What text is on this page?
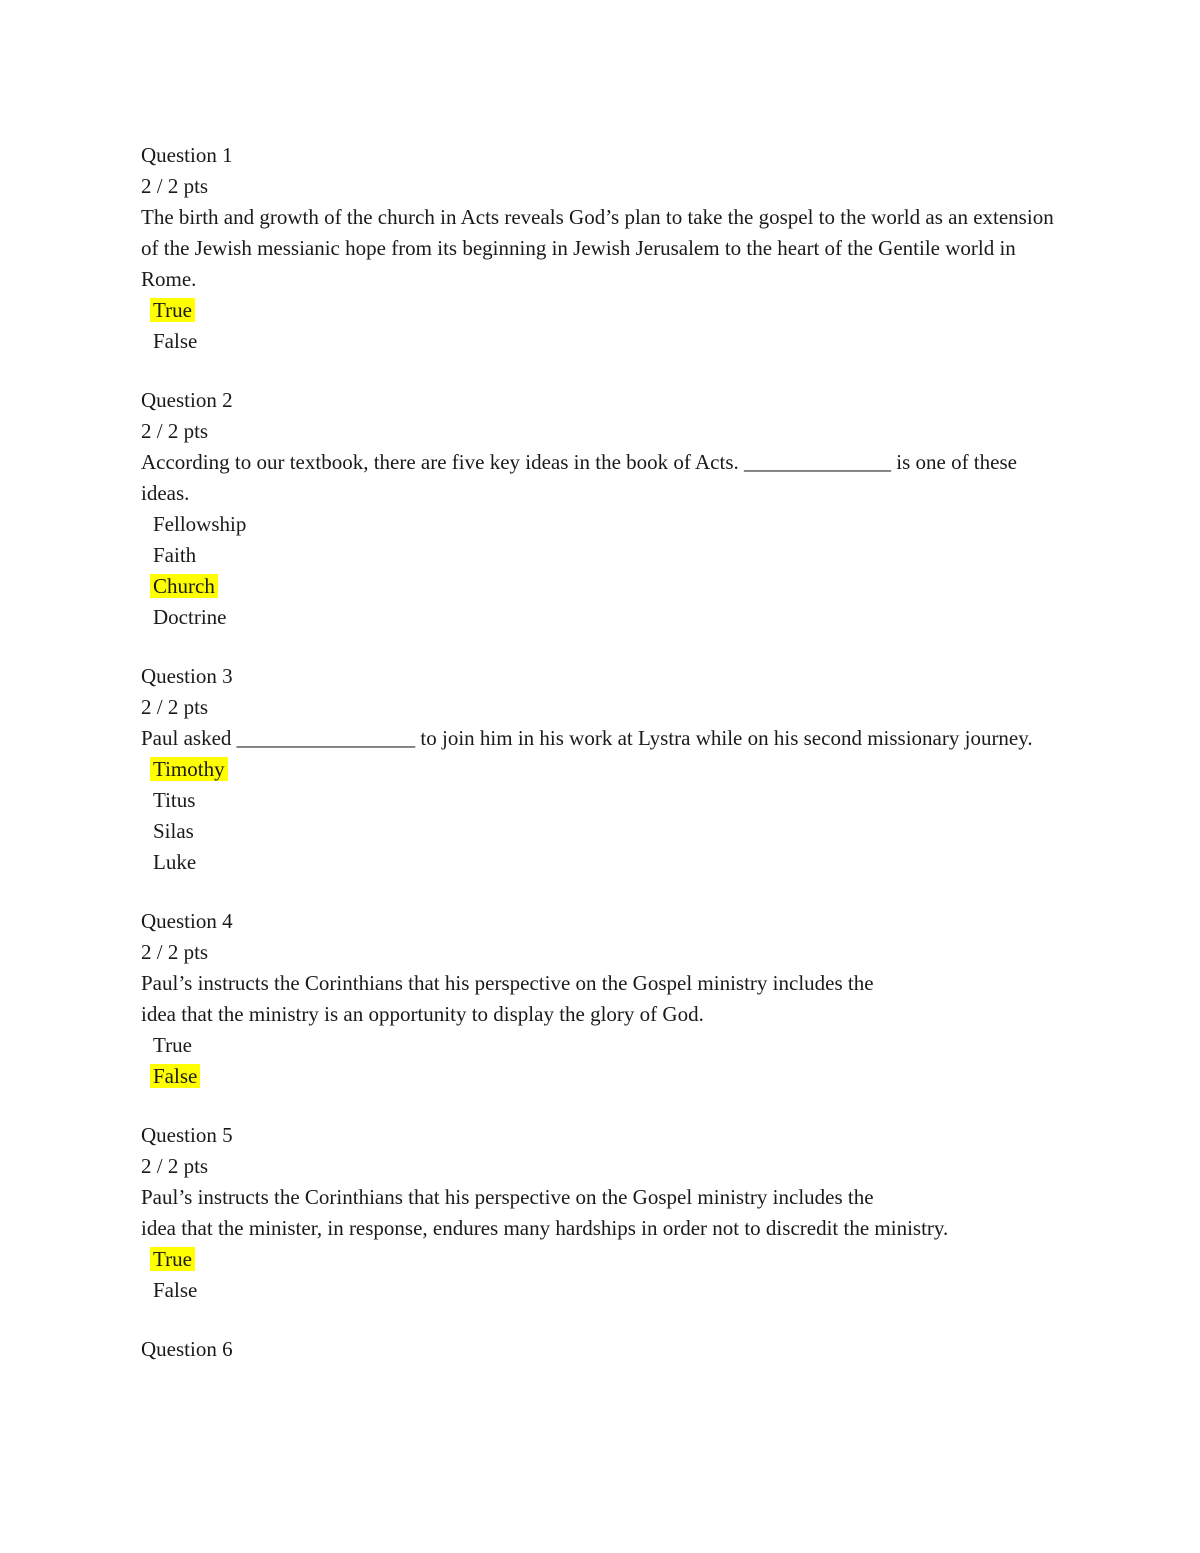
Question 1
2 / 2 pts
The birth and growth of the church in Acts reveals God’s plan to take the gospel to the world as an extension of the Jewish messianic hope from its beginning in Jewish Jerusalem to the heart of the Gentile world in Rome.
True
False
Question 2
2 / 2 pts
According to our textbook, there are five key ideas in the book of Acts. ______________ is one of these ideas.
Fellowship
Faith
Church
Doctrine
Question 3
2 / 2 pts
Paul asked _________________ to join him in his work at Lystra while on his second missionary journey.
Timothy
Titus
Silas
Luke
Question 4
2 / 2 pts
Paul’s instructs the Corinthians that his perspective on the Gospel ministry includes the
idea that the ministry is an opportunity to display the glory of God.
True
False
Question 5
2 / 2 pts
Paul’s instructs the Corinthians that his perspective on the Gospel ministry includes the
idea that the minister, in response, endures many hardships in order not to discredit the ministry.
True
False
Question 6
